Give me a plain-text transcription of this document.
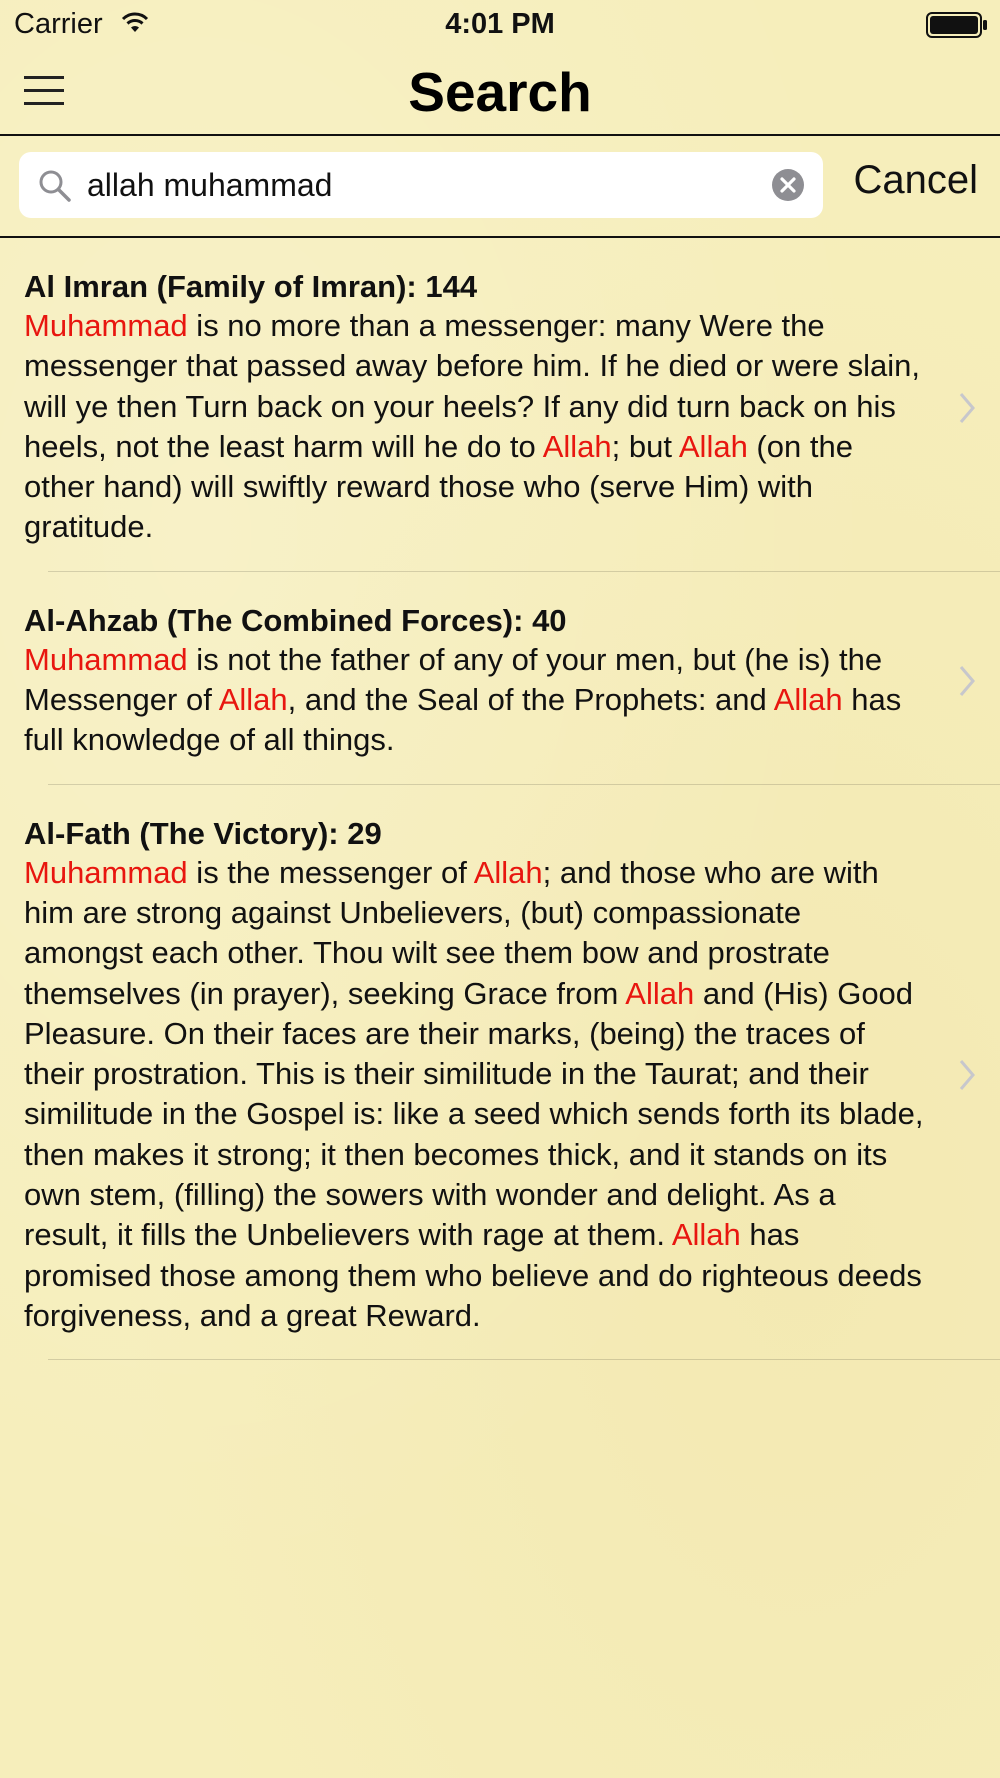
Carrier	4:01 PM
Search
allah muhammad
Cancel
Al Imran (Family of Imran): 144
Muhammad is no more than a messenger: many Were the messenger that passed away before him. If he died or were slain, will ye then Turn back on your heels? If any did turn back on his heels, not the least harm will he do to Allah; but Allah (on the other hand) will swiftly reward those who (serve Him) with gratitude.
Al-Ahzab (The Combined Forces): 40
Muhammad is not the father of any of your men, but (he is) the Messenger of Allah, and the Seal of the Prophets: and Allah has full knowledge of all things.
Al-Fath (The Victory): 29
Muhammad is the messenger of Allah; and those who are with him are strong against Unbelievers, (but) compassionate amongst each other. Thou wilt see them bow and prostrate themselves (in prayer), seeking Grace from Allah and (His) Good Pleasure. On their faces are their marks, (being) the traces of their prostration. This is their similitude in the Taurat; and their similitude in the Gospel is: like a seed which sends forth its blade, then makes it strong; it then becomes thick, and it stands on its own stem, (filling) the sowers with wonder and delight. As a result, it fills the Unbelievers with rage at them. Allah has promised those among them who believe and do righteous deeds forgiveness, and a great Reward.
